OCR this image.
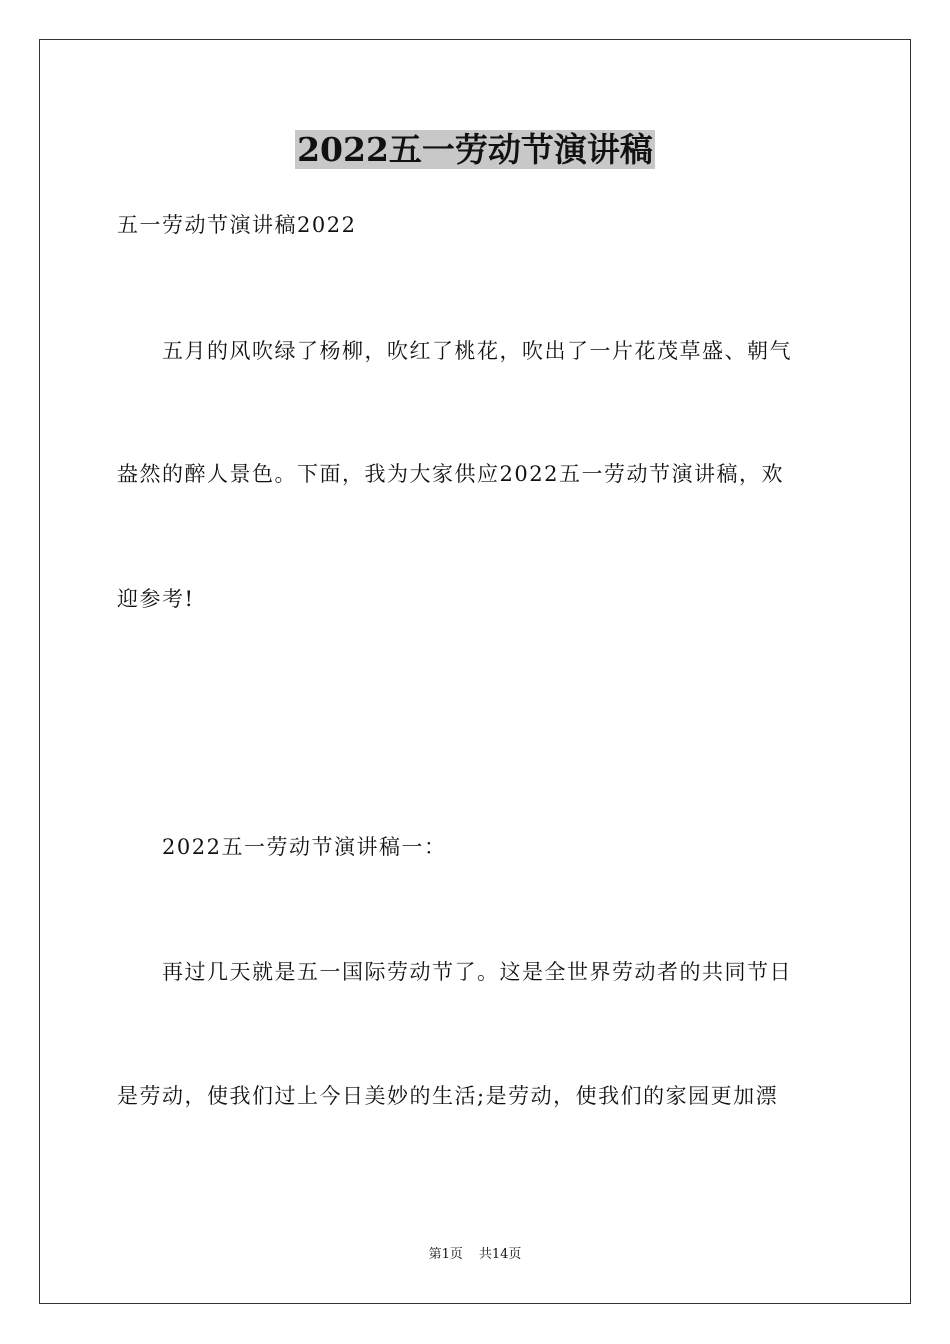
2022五一劳动节演讲稿
五一劳动节演讲稿2022
五月的风吹绿了杨柳，吹红了桃花，吹出了一片花茂草盛、朝气
盎然的醉人景色。下面，我为大家供应2022五一劳动节演讲稿，欢
迎参考!
2022五一劳动节演讲稿一：
再过几天就是五一国际劳动节了。这是全世界劳动者的共同节日
是劳动，使我们过上今日美妙的生活;是劳动，使我们的家园更加漂
第1页 共14页
